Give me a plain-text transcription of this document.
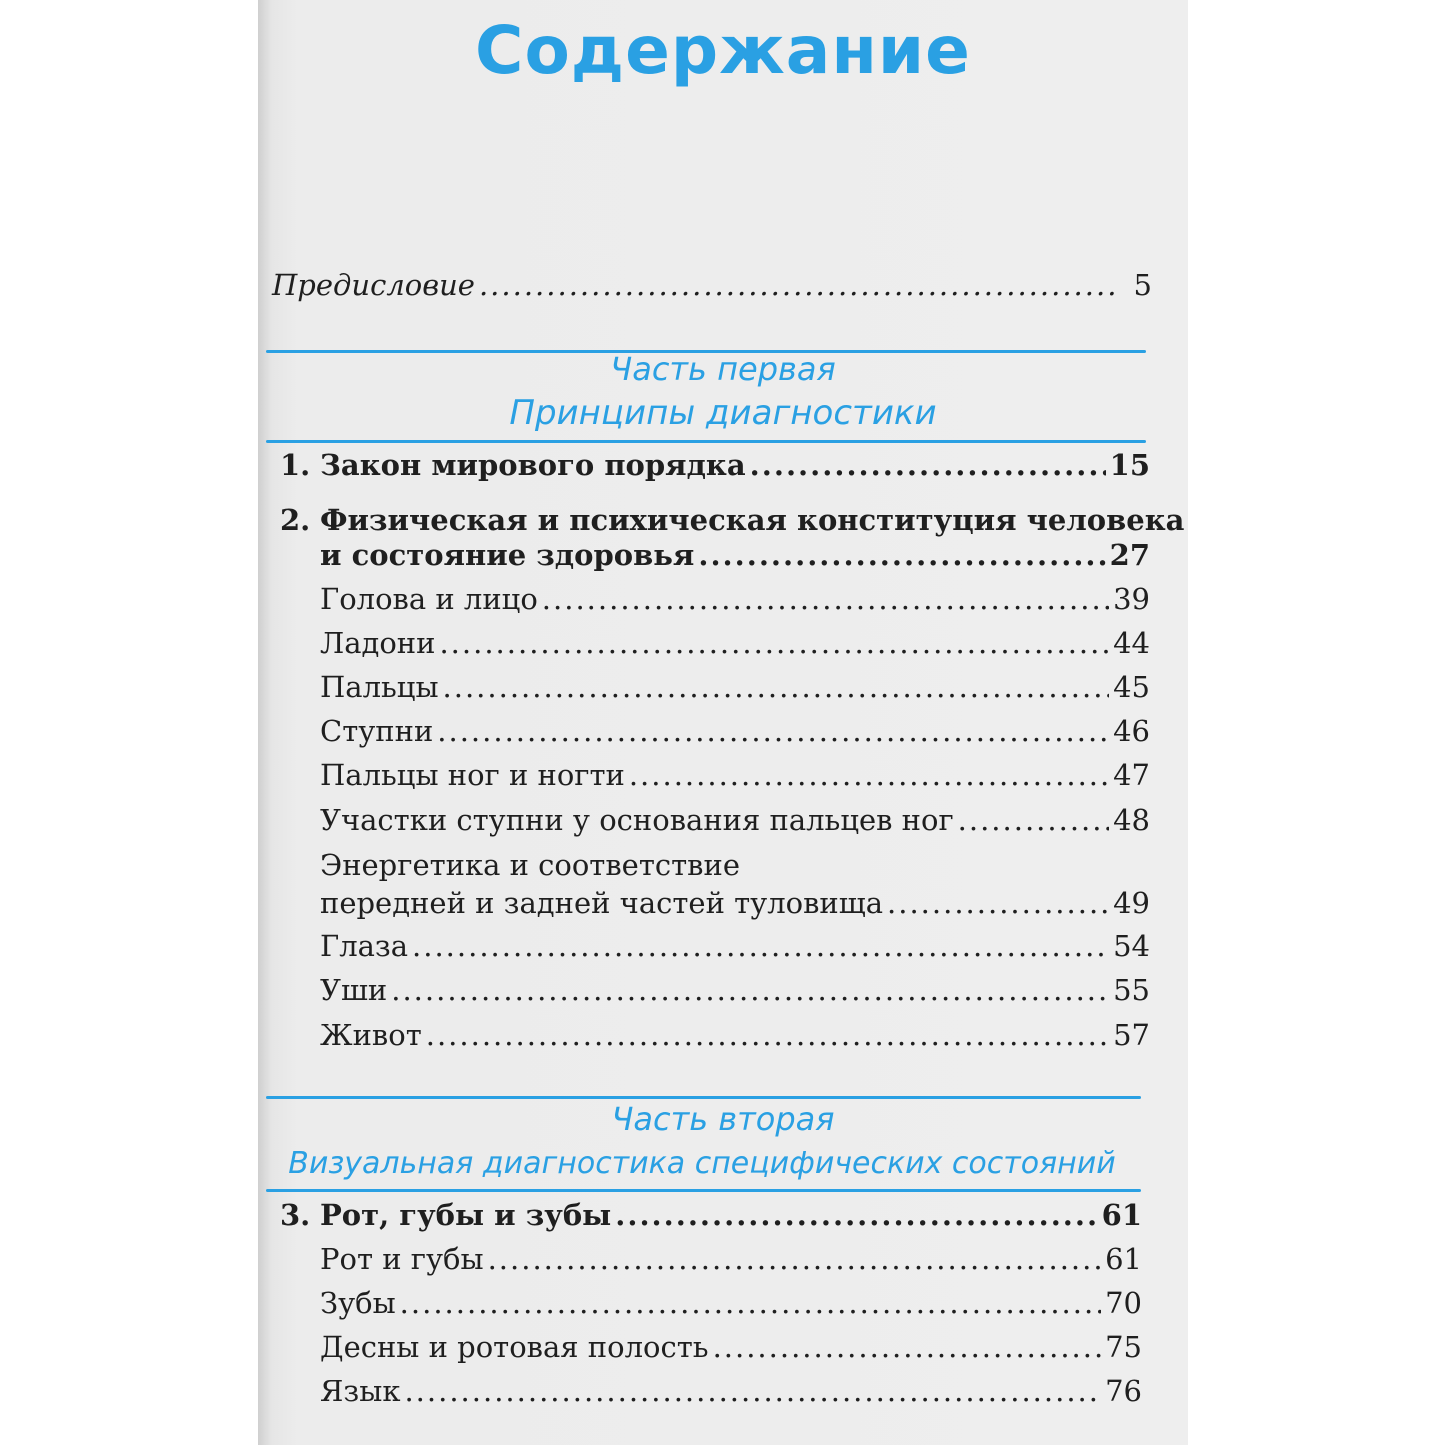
Содержание
Предисловие .....	5
Часть первая
Принципы диагностики
1. Закон мирового порядка .....	15
2. Физическая и психическая конституция человека
и состояние здоровья .....	27
Голова и лицо .....	39
Ладони .....	44
Пальцы .....	45
Ступни .....	46
Пальцы ног и ногти .....	47
Участки ступни у основания пальцев ног .....	48
Энергетика и соответствие
передней и задней частей туловища .....	49
Глаза .....	54
Уши .....	55
Живот .....	57
Часть вторая
Визуальная диагностика специфических состояний
3. Рот, губы и зубы .....	61
Рот и губы .....	61
Зубы .....	70
Десны и ротовая полость .....	75
Язык .....	76
